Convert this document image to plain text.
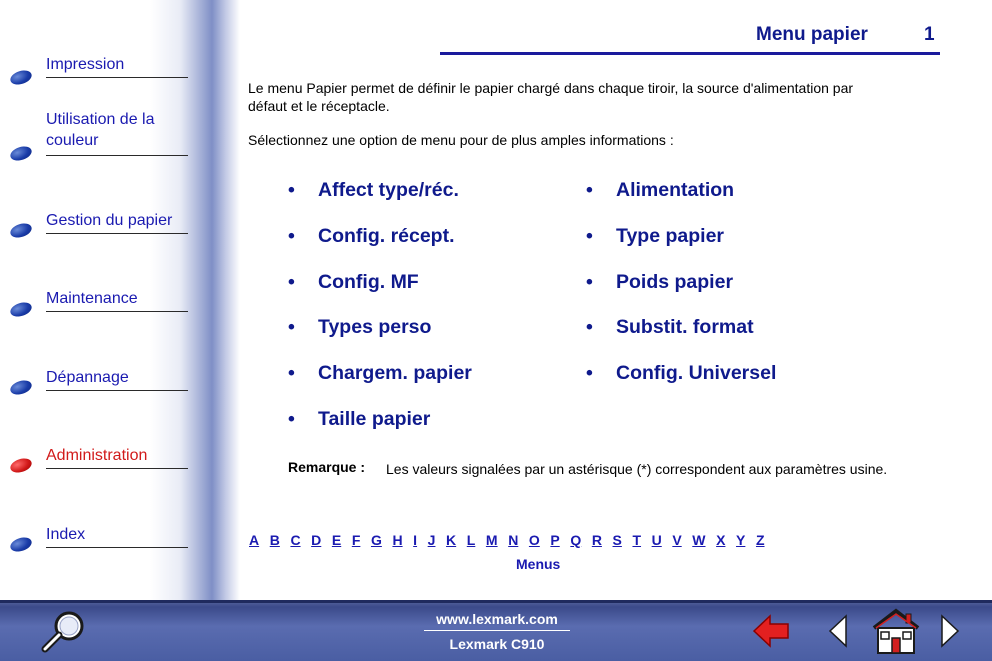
Impression
Utilisation de la
couleur
Gestion du papier
Maintenance
Dépannage
Administration
Index
Menu papier	1
Le menu Papier permet de définir le papier chargé dans chaque tiroir, la source d'alimentation par défaut et le réceptacle.
Sélectionnez une option de menu pour de plus amples informations :
• Affect type/réc.
• Config. récept.
• Config. MF
• Types perso
• Chargem. papier
• Taille papier
• Alimentation
• Type papier
• Poids papier
• Substit. format
• Config. Universel
Remarque : Les valeurs signalées par un astérisque (*) correspondent aux paramètres usine.
A B C D E F G H I J K L M N O P Q R S T U V W X Y Z
Menus
www.lexmark.com
Lexmark C910
